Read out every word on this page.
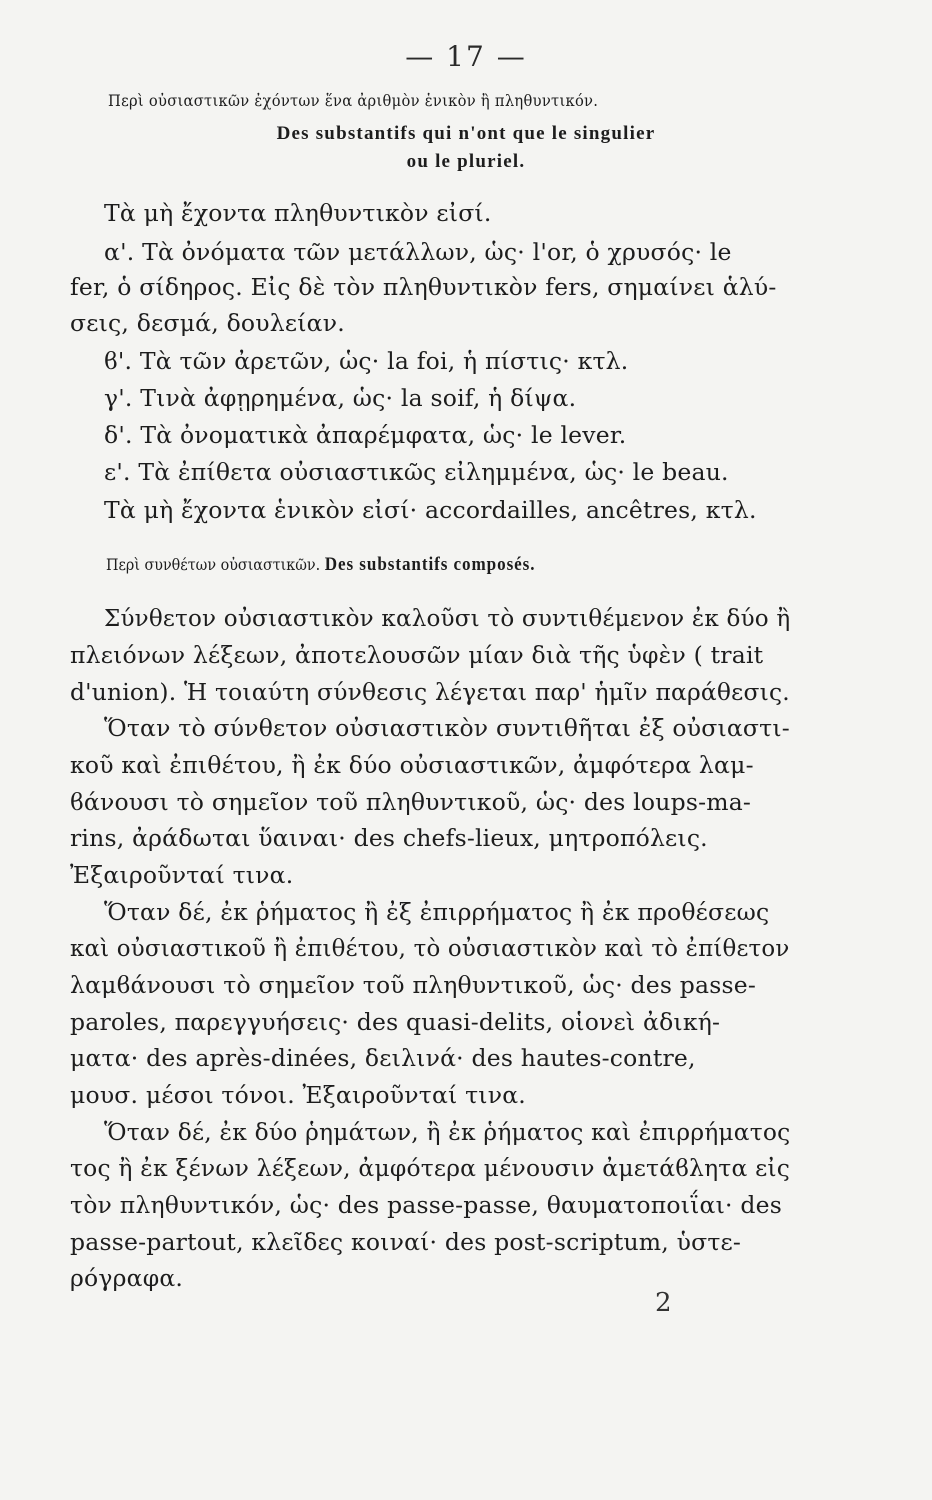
— 17 —
Περὶ οὐσιαστικῶν ἐχόντων ἕνα ἀριθμὸν ἑνικὸν ἢ πληθυντικόν.
Des substantifs qui n'ont que le singulier
ou le pluriel.
Τὰ μὴ ἔχοντα πληθυντικὸν εἰσί.
α'. Τὰ ὀνόματα τῶν μετάλλων, ὡς· l'or, ὁ χρυσός· le
fer, ὁ σίδηρος. Εἰς δὲ τὸν πληθυντικὸν fers, σημαίνει ἁλύ-
σεις, δεσμά, δουλείαν.
ϐ'. Τὰ τῶν ἀρετῶν, ὡς· la foi, ἡ πίστις· κτλ.
γ'. Τινὰ ἀφῃρημένα, ὡς· la soif, ἡ δίψα.
δ'. Τὰ ὀνοματικὰ ἀπαρέμφατα, ὡς· le lever.
ε'. Τὰ ἐπίθετα οὐσιαστικῶς εἰλημμένα, ὡς· le beau.
Τὰ μὴ ἔχοντα ἑνικὸν εἰσί· accordailles, ancêtres, κτλ.
Περὶ συνθέτων οὐσιαστικῶν. Des substantifs composés.
Σύνθετον οὐσιαστικὸν καλοῦσι τὸ συντιθέμενον ἐκ δύο ἢ
πλειόνων λέξεων, ἀποτελουσῶν μίαν διὰ τῆς ὑφὲν ( trait
d'union). Ἡ τοιαύτη σύνθεσις λέγεται παρ' ἡμῖν παράθεσις.
Ὅταν τὸ σύνθετον οὐσιαστικὸν συντιθῆται ἐξ οὐσιαστι-
κοῦ καὶ ἐπιθέτου, ἢ ἐκ δύο οὐσιαστικῶν, ἀμφότερα λαμ-
ϐάνουσι τὸ σημεῖον τοῦ πληθυντικοῦ, ὡς· des loups-ma-
rins, ἀράδωται ὕαιναι· des chefs-lieux, μητροπόλεις.
Ἐξαιροῦνταί τινα.
Ὅταν δέ, ἐκ ῥήματος ἢ ἐξ ἐπιρρήματος ἢ ἐκ προθέσεως
καὶ οὐσιαστικοῦ ἢ ἐπιθέτου, τὸ οὐσιαστικὸν καὶ τὸ ἐπίθετον
λαμϐάνουσι τὸ σημεῖον τοῦ πληθυντικοῦ, ὡς· des passe-
paroles, παρεγγυήσεις· des quasi-delits, οἱονεὶ ἀδική-
ματα· des après-dinées, δειλινά· des hautes-contre,
μουσ. μέσοι τόνοι. Ἐξαιροῦνταί τινα.
Ὅταν δέ, ἐκ δύο ῥημάτων, ἢ ἐκ ῥήματος καὶ ἐπιρρήματος
τος ἢ ἐκ ξένων λέξεων, ἀμφότερα μένουσιν ἀμετάϐλητα εἰς
τὸν πληθυντικόν, ὡς· des passe-passe, θαυματοποιΐαι· des
passe-partout, κλεῖδες κοιναί· des post-scriptum, ὑστε-
ρόγραφα.
2
